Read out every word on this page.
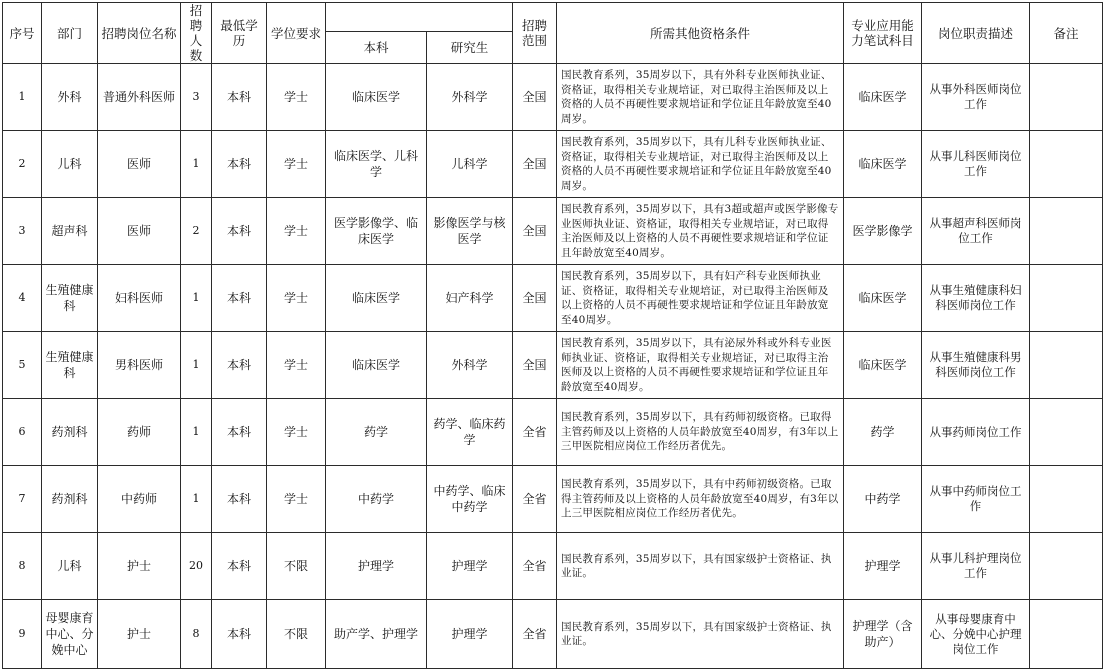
序号	部门	招聘岗位名称	招聘人数	最低学历	学位要求			招聘范围	所需其他资格条件	专业应用能力笔试科目	岗位职责描述	备注
						本科	研究生					
1	外科	普通外科医师	3	本科	学士	临床医学	外科学	全国	国民教育系列，35周岁以下，具有外科专业医师执业证、资格证，取得相关专业规培证，对已取得主治医师及以上资格的人员不再硬性要求规培证和学位证且年龄放宽至40周岁。	临床医学	从事外科医师岗位工作	
2	儿科	医师	1	本科	学士	临床医学、儿科学	儿科学	全国	国民教育系列，35周岁以下，具有儿科专业医师执业证、资格证，取得相关专业规培证，对已取得主治医师及以上资格的人员不再硬性要求规培证和学位证且年龄放宽至40周岁。	临床医学	从事儿科医师岗位工作	
3	超声科	医师	2	本科	学士	医学影像学、临床医学	影像医学与核医学	全国	国民教育系列，35周岁以下，具有3超或超声或医学影像专业医师执业证、资格证，取得相关专业规培证，对已取得主治医师及以上资格的人员不再硬性要求规培证和学位证且年龄放宽至40周岁。	医学影像学	从事超声科医师岗位工作	
4	生殖健康科	妇科医师	1	本科	学士	临床医学	妇产科学	全国	国民教育系列，35周岁以下，具有妇产科专业医师执业证、资格证，取得相关专业规培证，对已取得主治医师及以上资格的人员不再硬性要求规培证和学位证且年龄放宽至40周岁。	临床医学	从事生殖健康科妇科医师岗位工作	
5	生殖健康科	男科医师	1	本科	学士	临床医学	外科学	全国	国民教育系列，35周岁以下，具有泌尿外科或外科专业医师执业证、资格证，取得相关专业规培证，对已取得主治医师及以上资格的人员不再硬性要求规培证和学位证且年龄放宽至40周岁。	临床医学	从事生殖健康科男科医师岗位工作	
6	药剂科	药师	1	本科	学士	药学	药学、临床药学	全省	国民教育系列，35周岁以下，具有药师初级资格。已取得主管药师及以上资格的人员年龄放宽至40周岁，有3年以上三甲医院相应岗位工作经历者优先。	药学	从事药师岗位工作	
7	药剂科	中药师	1	本科	学士	中药学	中药学、临床中药学	全省	国民教育系列，35周岁以下，具有中药师初级资格。已取得主管药师及以上资格的人员年龄放宽至40周岁，有3年以上三甲医院相应岗位工作经历者优先。	中药学	从事中药师岗位工作	
8	儿科	护士	20	本科	不限	护理学	护理学	全省	国民教育系列，35周岁以下，具有国家级护士资格证、执业证。	护理学	从事儿科护理岗位工作	
9	母婴康育中心、分娩中心	护士	8	本科	不限	助产学、护理学	护理学	全省	国民教育系列，35周岁以下，具有国家级护士资格证、执业证。	护理学（含助产）	从事母婴康育中心、分娩中心护理岗位工作	
